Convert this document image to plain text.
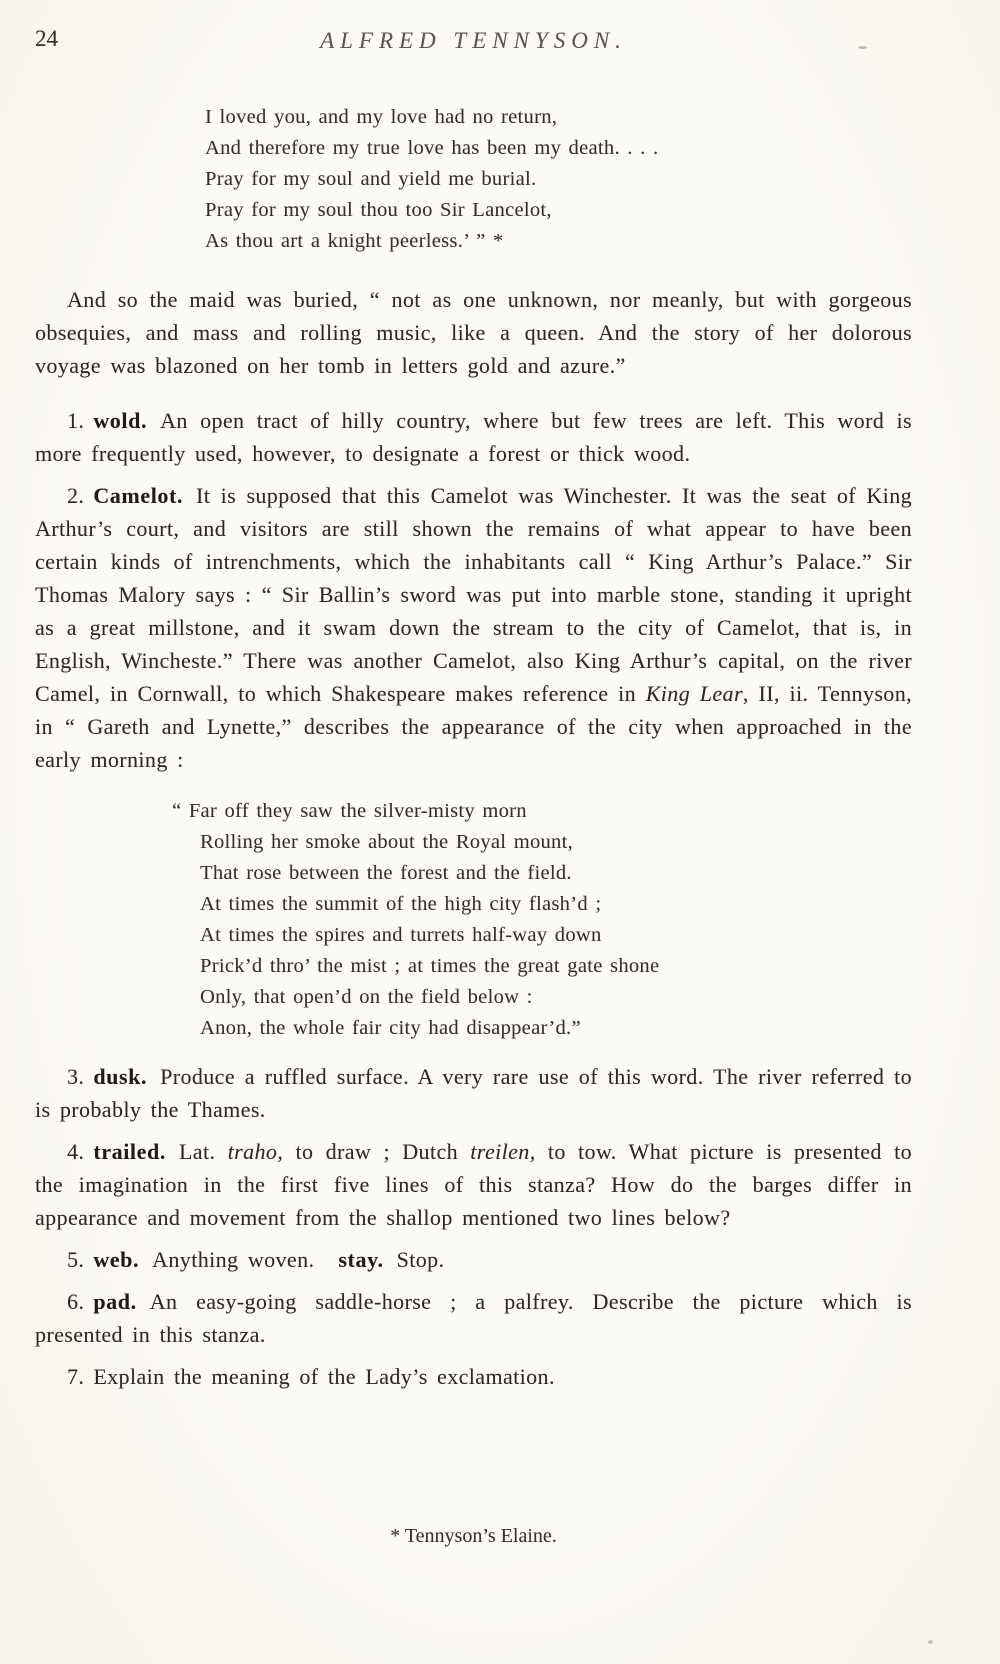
24	ALFRED TENNYSON.
I loved you, and my love had no return,
And therefore my true love has been my death. . . .
Pray for my soul and yield me burial.
Pray for my soul thou too Sir Lancelot,
As thou art a knight peerless.’ ” *

And so the maid was buried, “ not as one unknown, nor meanly, but with gorgeous obsequies, and mass and rolling music, like a queen. And the story of her dolorous voyage was blazoned on her tomb in letters gold and azure.”

1. wold. An open tract of hilly country, where but few trees are left. This word is more frequently used, however, to designate a forest or thick wood.

2. Camelot. It is supposed that this Camelot was Winchester. It was the seat of King Arthur’s court, and visitors are still shown the remains of what appear to have been certain kinds of intrenchments, which the inhabitants call “ King Arthur’s Palace.” Sir Thomas Malory says : “ Sir Ballin’s sword was put into marble stone, standing it upright as a great millstone, and it swam down the stream to the city of Camelot, that is, in English, Wincheste.” There was another Camelot, also King Arthur’s capital, on the river Camel, in Cornwall, to which Shakespeare makes reference in King Lear, II, ii. Tennyson, in “ Gareth and Lynette,” describes the appearance of the city when approached in the early morning :

“ Far off they saw the silver-misty morn
Rolling her smoke about the Royal mount,
That rose between the forest and the field.
At times the summit of the high city flash’d ;
At times the spires and turrets half-way down
Prick’d thro’ the mist ; at times the great gate shone
Only, that open’d on the field below :
Anon, the whole fair city had disappear’d.”

3. dusk. Produce a ruffled surface. A very rare use of this word. The river referred to is probably the Thames.

4. trailed. Lat. traho, to draw ; Dutch treilen, to tow. What picture is presented to the imagination in the first five lines of this stanza? How do the barges differ in appearance and movement from the shallop mentioned two lines below?

5. web. Anything woven. stay. Stop.

6. pad. An easy-going saddle-horse ; a palfrey. Describe the picture which is presented in this stanza.

7. Explain the meaning of the Lady’s exclamation.

* Tennyson’s Elaine.
